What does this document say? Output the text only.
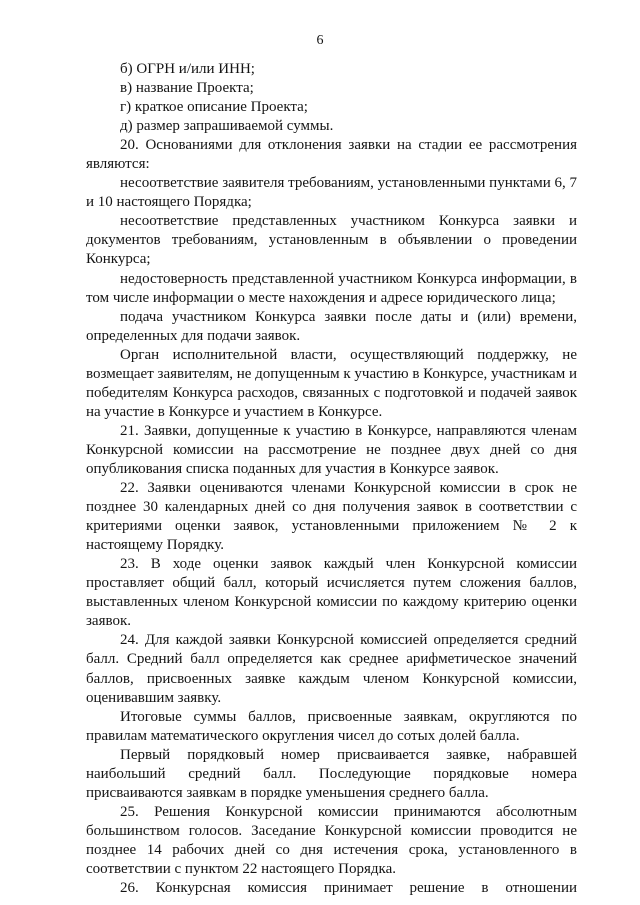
6

б) ОГРН и/или ИНН;

в) название Проекта;

г) краткое описание Проекта;

д) размер запрашиваемой суммы.

20. Основаниями для отклонения заявки на стадии ее рассмотрения являются:

несоответствие заявителя требованиям, установленными пунктами 6, 7 и 10 настоящего Порядка;

несоответствие представленных участником Конкурса заявки и документов требованиям, установленным в объявлении о проведении Конкурса;

недостоверность представленной участником Конкурса информации, в том числе информации о месте нахождения и адресе юридического лица;

подача участником Конкурса заявки после даты и (или) времени, определенных для подачи заявок.

Орган исполнительной власти, осуществляющий поддержку, не возмещает заявителям, не допущенным к участию в Конкурсе, участникам и победителям Конкурса расходов, связанных с подготовкой и подачей заявок на участие в Конкурсе и участием в Конкурсе.

21. Заявки, допущенные к участию в Конкурсе, направляются членам Конкурсной комиссии на рассмотрение не позднее двух дней со дня опубликования списка поданных для участия в Конкурсе заявок.

22. Заявки оцениваются членами Конкурсной комиссии в срок не позднее 30 календарных дней со дня получения заявок в соответствии с критериями оценки заявок, установленными приложением № 2 к настоящему Порядку.

23. В ходе оценки заявок каждый член Конкурсной комиссии проставляет общий балл, который исчисляется путем сложения баллов, выставленных членом Конкурсной комиссии по каждому критерию оценки заявок.

24. Для каждой заявки Конкурсной комиссией определяется средний балл. Средний балл определяется как среднее арифметическое значений баллов, присвоенных заявке каждым членом Конкурсной комиссии, оценивавшим заявку.

Итоговые суммы баллов, присвоенные заявкам, округляются по правилам математического округления чисел до сотых долей балла.

Первый порядковый номер присваивается заявке, набравшей наибольший средний балл. Последующие порядковые номера присваиваются заявкам в порядке уменьшения среднего балла.

25. Решения Конкурсной комиссии принимаются абсолютным большинством голосов. Заседание Конкурсной комиссии проводится не позднее 14 рабочих дней со дня истечения срока, установленного в соответствии с пунктом 22 настоящего Порядка.

26. Конкурсная комиссия принимает решение в отношении
